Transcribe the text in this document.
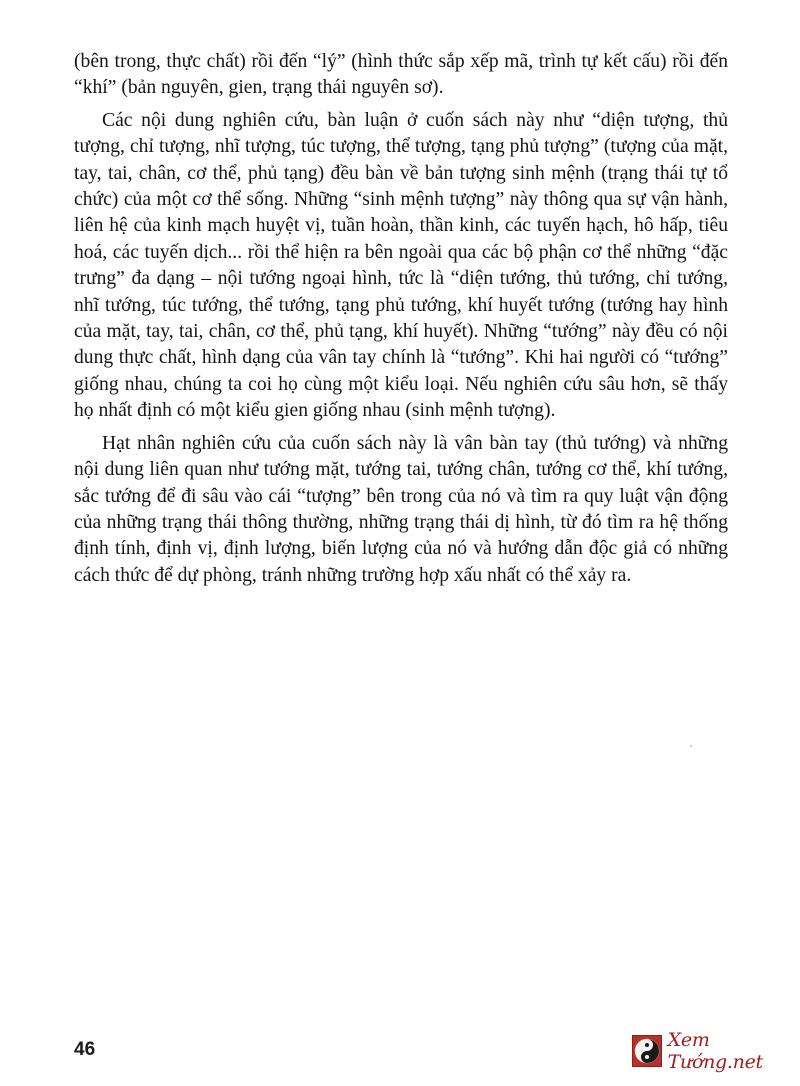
(bên trong, thực chất) rồi đến “lý” (hình thức sắp xếp mã, trình tự kết cấu) rồi đến “khí” (bản nguyên, gien, trạng thái nguyên sơ).

Các nội dung nghiên cứu, bàn luận ở cuốn sách này như “diện tượng, thủ tượng, chỉ tượng, nhĩ tượng, túc tượng, thể tượng, tạng phủ tượng” (tượng của mặt, tay, tai, chân, cơ thể, phủ tạng) đều bàn về bản tượng sinh mệnh (trạng thái tự tổ chức) của một cơ thể sống. Những “sinh mệnh tượng” này thông qua sự vận hành, liên hệ của kinh mạch huyệt vị, tuần hoàn, thần kinh, các tuyến hạch, hô hấp, tiêu hoá, các tuyến dịch... rồi thể hiện ra bên ngoài qua các bộ phận cơ thể những “đặc trưng” đa dạng – nội tướng ngoại hình, tức là “diện tướng, thủ tướng, chỉ tướng, nhĩ tướng, túc tướng, thể tướng, tạng phủ tướng, khí huyết tướng (tướng hay hình của mặt, tay, tai, chân, cơ thể, phủ tạng, khí huyết). Những “tướng” này đều có nội dung thực chất, hình dạng của vân tay chính là “tướng”. Khi hai người có “tướng” giống nhau, chúng ta coi họ cùng một kiểu loại. Nếu nghiên cứu sâu hơn, sẽ thấy họ nhất định có một kiểu gien giống nhau (sinh mệnh tượng).

Hạt nhân nghiên cứu của cuốn sách này là vân bàn tay (thủ tướng) và những nội dung liên quan như tướng mặt, tướng tai, tướng chân, tướng cơ thể, khí tướng, sắc tướng để đi sâu vào cái “tượng” bên trong của nó và tìm ra quy luật vận động của những trạng thái thông thường, những trạng thái dị hình, từ đó tìm ra hệ thống định tính, định vị, định lượng, biến lượng của nó và hướng dẫn độc giả có những cách thức để dự phòng, tránh những trường hợp xấu nhất có thể xảy ra.

46	Xem Tướng.net
